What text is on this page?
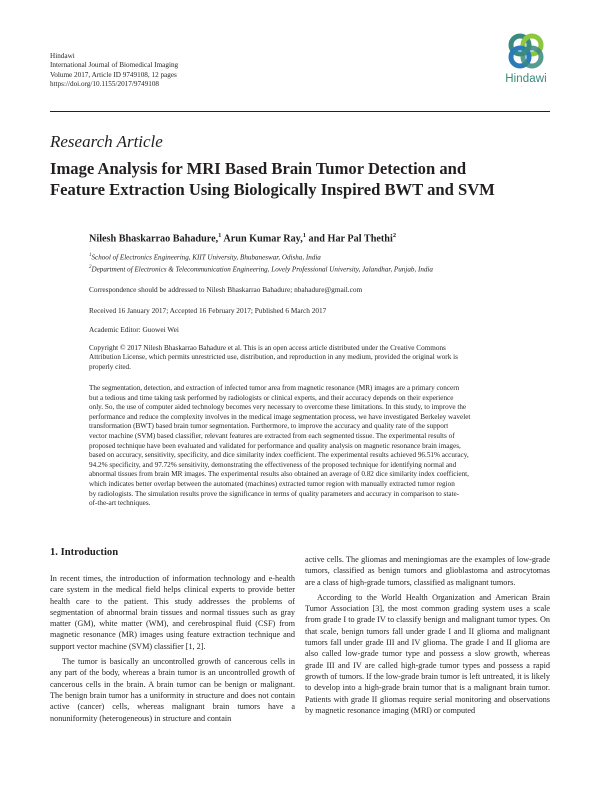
Hindawi
International Journal of Biomedical Imaging
Volume 2017, Article ID 9749108, 12 pages
https://doi.org/10.1155/2017/9749108	Hindawi
Research Article
Image Analysis for MRI Based Brain Tumor Detection and
Feature Extraction Using Biologically Inspired BWT and SVM
Nilesh Bhaskarrao Bahadure,$^1$ Arun Kumar Ray,$^1$ and Har Pal Thethi$^2$
$^1$School of Electronics Engineering, KIIT University, Bhubaneswar, Odisha, India
$^2$Department of Electronics & Telecommunication Engineering, Lovely Professional University, Jalandhar, Punjab, India
Correspondence should be addressed to Nilesh Bhaskarrao Bahadure; nbahadure@gmail.com
Received 16 January 2017; Accepted 16 February 2017; Published 6 March 2017
Academic Editor: Guowei Wei
Copyright © 2017 Nilesh Bhaskarrao Bahadure et al. This is an open access article distributed under the Creative Commons
Attribution License, which permits unrestricted use, distribution, and reproduction in any medium, provided the original work is
properly cited.
The segmentation, detection, and extraction of infected tumor area from magnetic resonance (MR) images are a primary concern
but a tedious and time taking task performed by radiologists or clinical experts, and their accuracy depends on their experience
only. So, the use of computer aided technology becomes very necessary to overcome these limitations. In this study, to improve the
performance and reduce the complexity involves in the medical image segmentation process, we have investigated Berkeley wavelet
transformation (BWT) based brain tumor segmentation. Furthermore, to improve the accuracy and quality rate of the support
vector machine (SVM) based classifier, relevant features are extracted from each segmented tissue. The experimental results of
proposed technique have been evaluated and validated for performance and quality analysis on magnetic resonance brain images,
based on accuracy, sensitivity, specificity, and dice similarity index coefficient. The experimental results achieved 96.51% accuracy,
94.2% specificity, and 97.72% sensitivity, demonstrating the effectiveness of the proposed technique for identifying normal and
abnormal tissues from brain MR images. The experimental results also obtained an average of 0.82 dice similarity index coefficient,
which indicates better overlap between the automated (machines) extracted tumor region with manually extracted tumor region
by radiologists. The simulation results prove the significance in terms of quality parameters and accuracy in comparison to state-
of-the-art techniques.
1. Introduction

In recent times, the introduction of information technology and e-health care system in the medical field helps clinical experts to provide better health care to the patient. This study addresses the problems of segmentation of abnormal brain tissues and normal tissues such as gray matter (GM), white matter (WM), and cerebrospinal fluid (CSF) from magnetic resonance (MR) images using feature extraction technique and support vector machine (SVM) classifier [1, 2].

The tumor is basically an uncontrolled growth of cancerous cells in any part of the body, whereas a brain tumor is an uncontrolled growth of cancerous cells in the brain. A brain tumor can be benign or malignant. The benign brain tumor has a uniformity in structure and does not contain active (cancer) cells, whereas malignant brain tumors have a nonuniformity (heterogeneous) in structure and contain

active cells. The gliomas and meningiomas are the examples of low-grade tumors, classified as benign tumors and glioblastoma and astrocytomas are a class of high-grade tumors, classified as malignant tumors.

According to the World Health Organization and American Brain Tumor Association [3], the most common grading system uses a scale from grade I to grade IV to classify benign and malignant tumor types. On that scale, benign tumors fall under grade I and II glioma and malignant tumors fall under grade III and IV glioma. The grade I and II glioma are also called low-grade tumor type and possess a slow growth, whereas grade III and IV are called high-grade tumor types and possess a rapid growth of tumors. If the low-grade brain tumor is left untreated, it is likely to develop into a high-grade brain tumor that is a malignant brain tumor. Patients with grade II gliomas require serial monitoring and observations by magnetic resonance imaging (MRI) or computed
